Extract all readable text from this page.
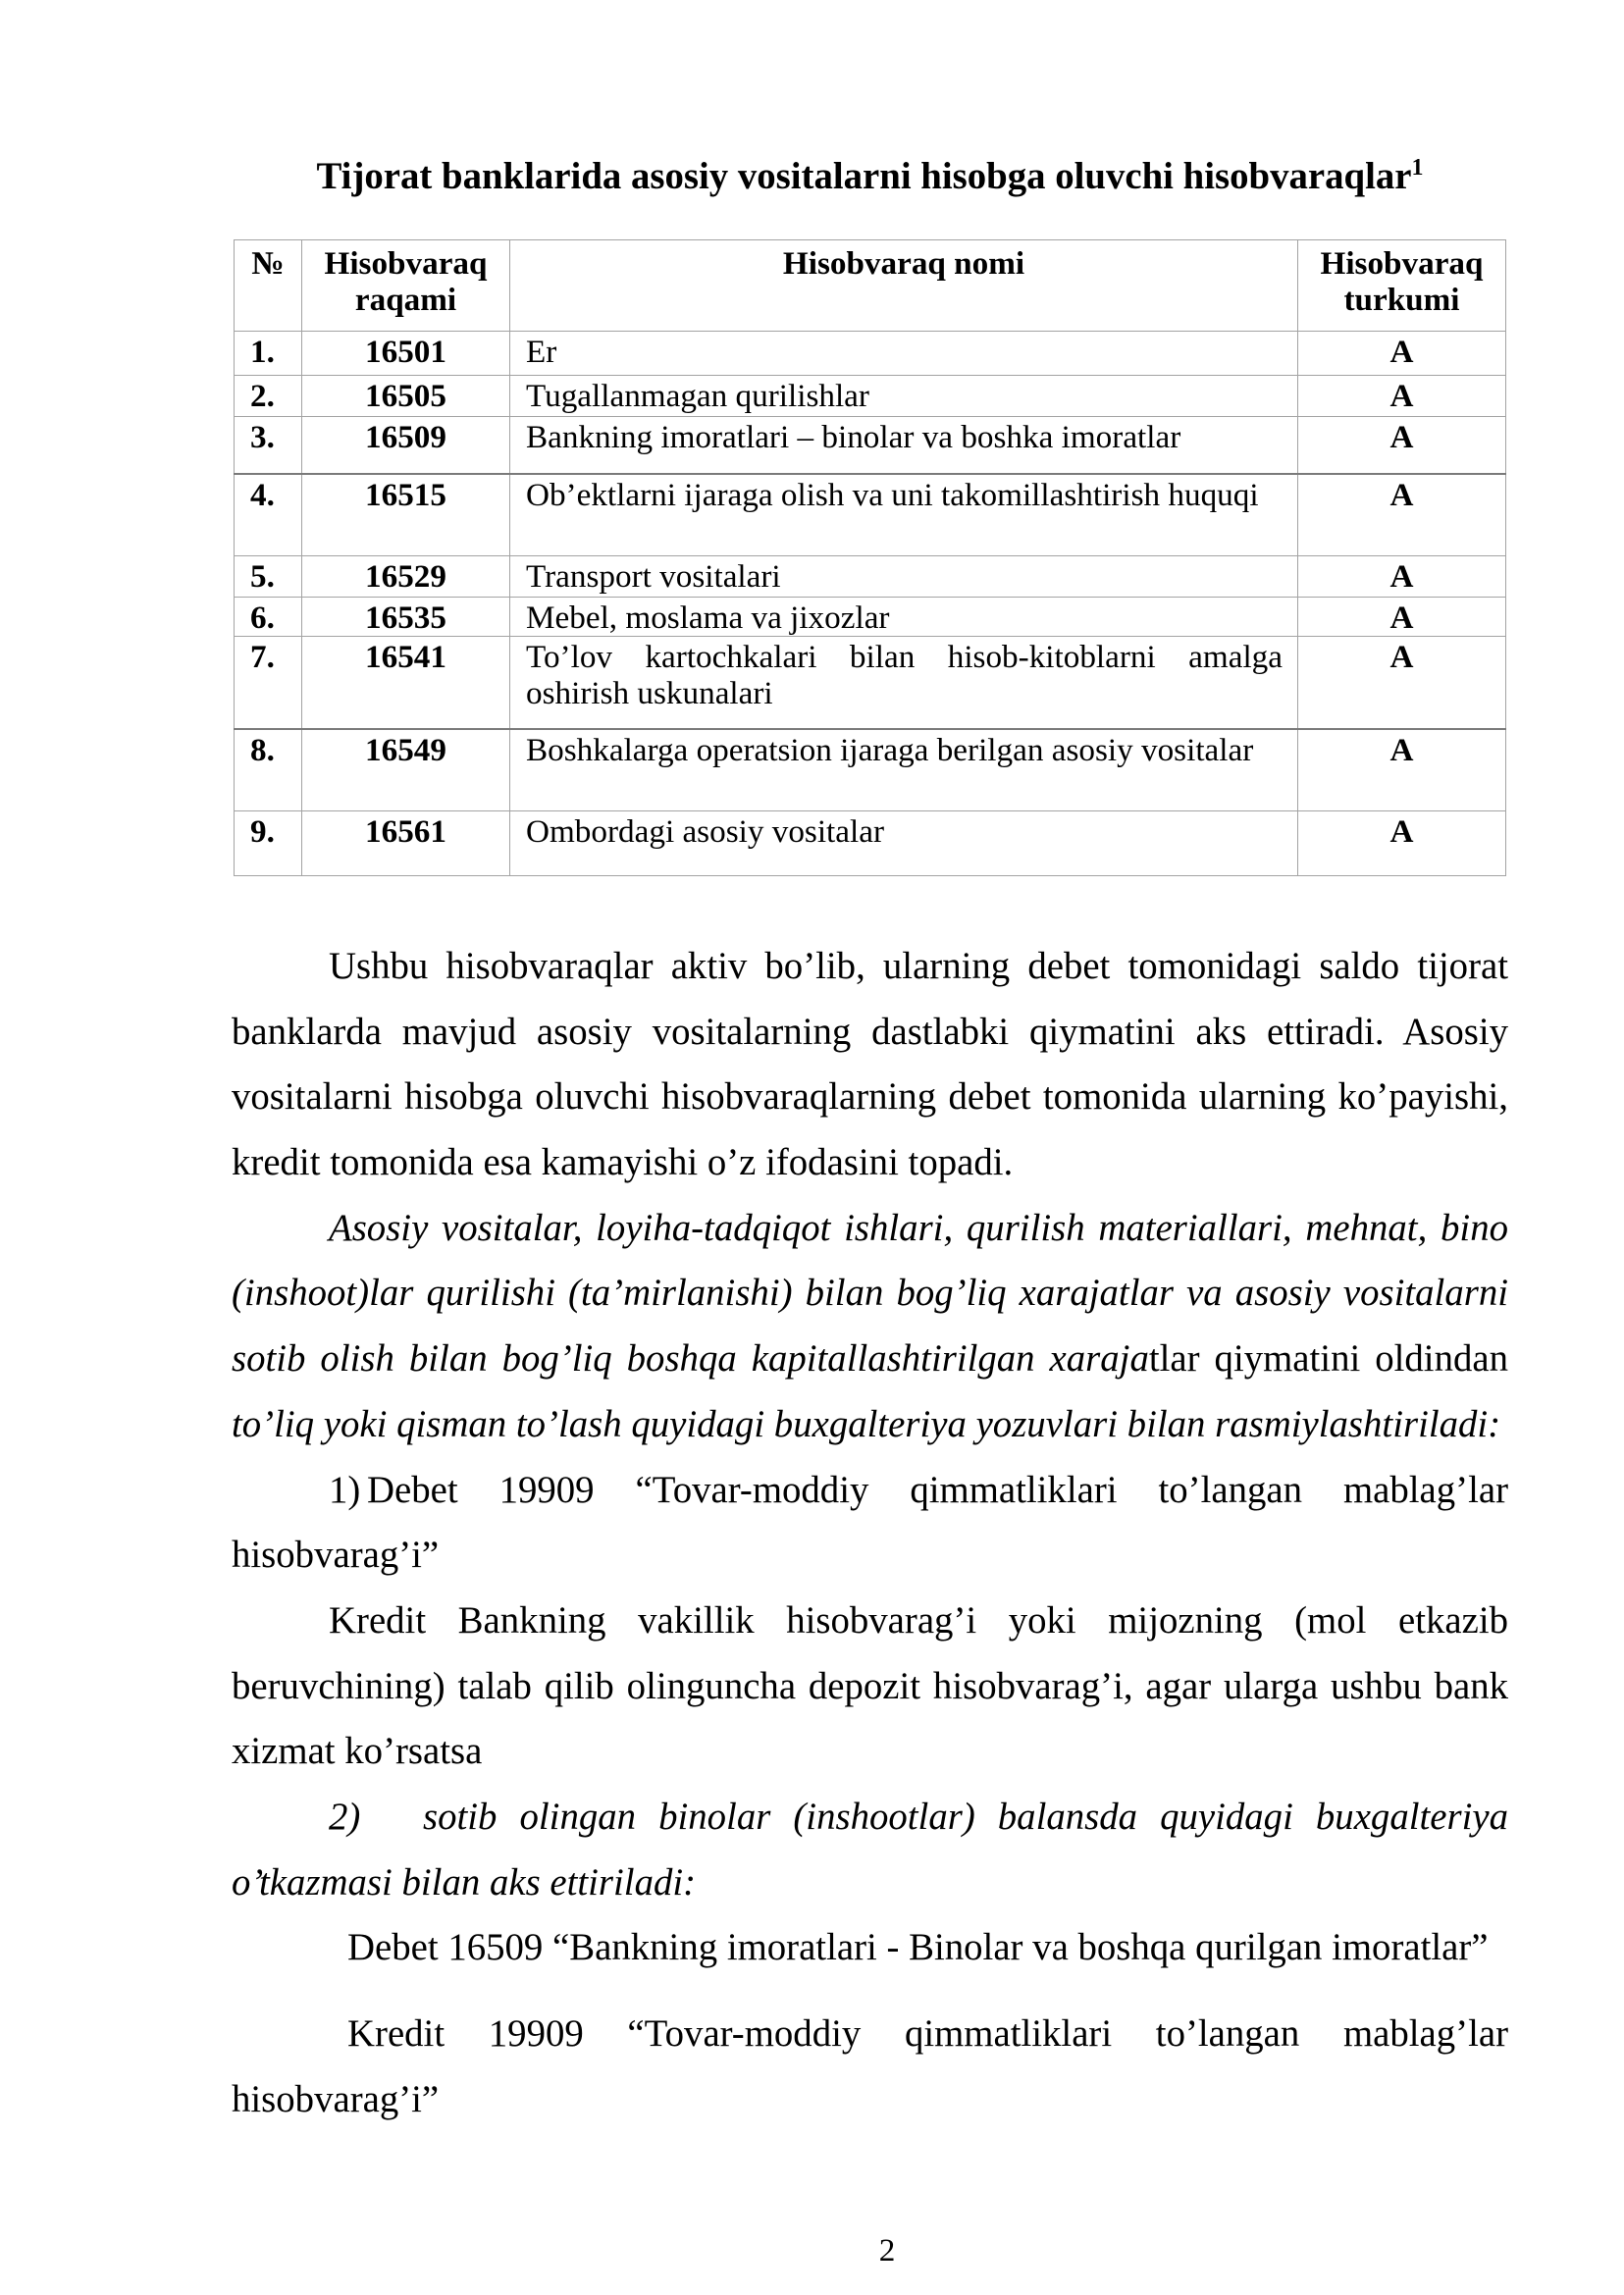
Tijorat banklarida asosiy vositalarni hisobga oluvchi hisobvaraqlar$^1$
№	Hisobvaraq raqami	Hisobvaraq nomi	Hisobvaraq turkumi
1.	16501	Er	A
2.	16505	Tugallanmagan qurilishlar	A
3.	16509	Bankning imoratlari – binolar va boshka imoratlar	A
4.	16515	Ob’ektlarni ijaraga olish va uni takomillashtirish huquqi	A
5.	16529	Transport vositalari	A
6.	16535	Mebel, moslama va jixozlar	A
7.	16541	To’lov kartochkalari bilan hisob-kitoblarni amalga oshirish uskunalari	A
8.	16549	Boshkalarga operatsion ijaraga berilgan asosiy vositalar	A
9.	16561	Ombordagi asosiy vositalar	A
Ushbu hisobvaraqlar aktiv bo’lib, ularning debet tomonidagi saldo tijorat
banklarda mavjud asosiy vositalarning dastlabki qiymatini aks ettiradi. Asosiy
vositalarni hisobga oluvchi hisobvaraqlarning debet tomonida ularning ko’payishi,
kredit tomonida esa kamayishi o’z ifodasini topadi.
Asosiy vositalar, loyiha-tadqiqot ishlari, qurilish materiallari, mehnat, bino
(inshoot)lar qurilishi (ta’mirlanishi) bilan bog’liq xarajatlar va asosiy vositalarni
sotib olish bilan bog’liq boshqa kapitallashtirilgan xarajatlar qiymatini oldindan
to’liq yoki qisman to’lash quyidagi buxgalteriya yozuvlari bilan rasmiylashtiriladi:
1) Debet 19909 “Tovar-moddiy qimmatliklari to’langan mablag’lar
hisobvarag’i”
Kredit Bankning vakillik hisobvarag’i yoki mijozning (mol etkazib
beruvchining) talab qilib olinguncha depozit hisobvarag’i, agar ularga ushbu bank
xizmat ko’rsatsa
2)	sotib olingan binolar (inshootlar) balansda quyidagi buxgalteriya
o’tkazmasi bilan aks ettiriladi:
Debet 16509 “Bankning imoratlari - Binolar va boshqa qurilgan imoratlar”
Kredit 19909 “Tovar-moddiy qimmatliklari to’langan mablag’lar
hisobvarag’i”
2
